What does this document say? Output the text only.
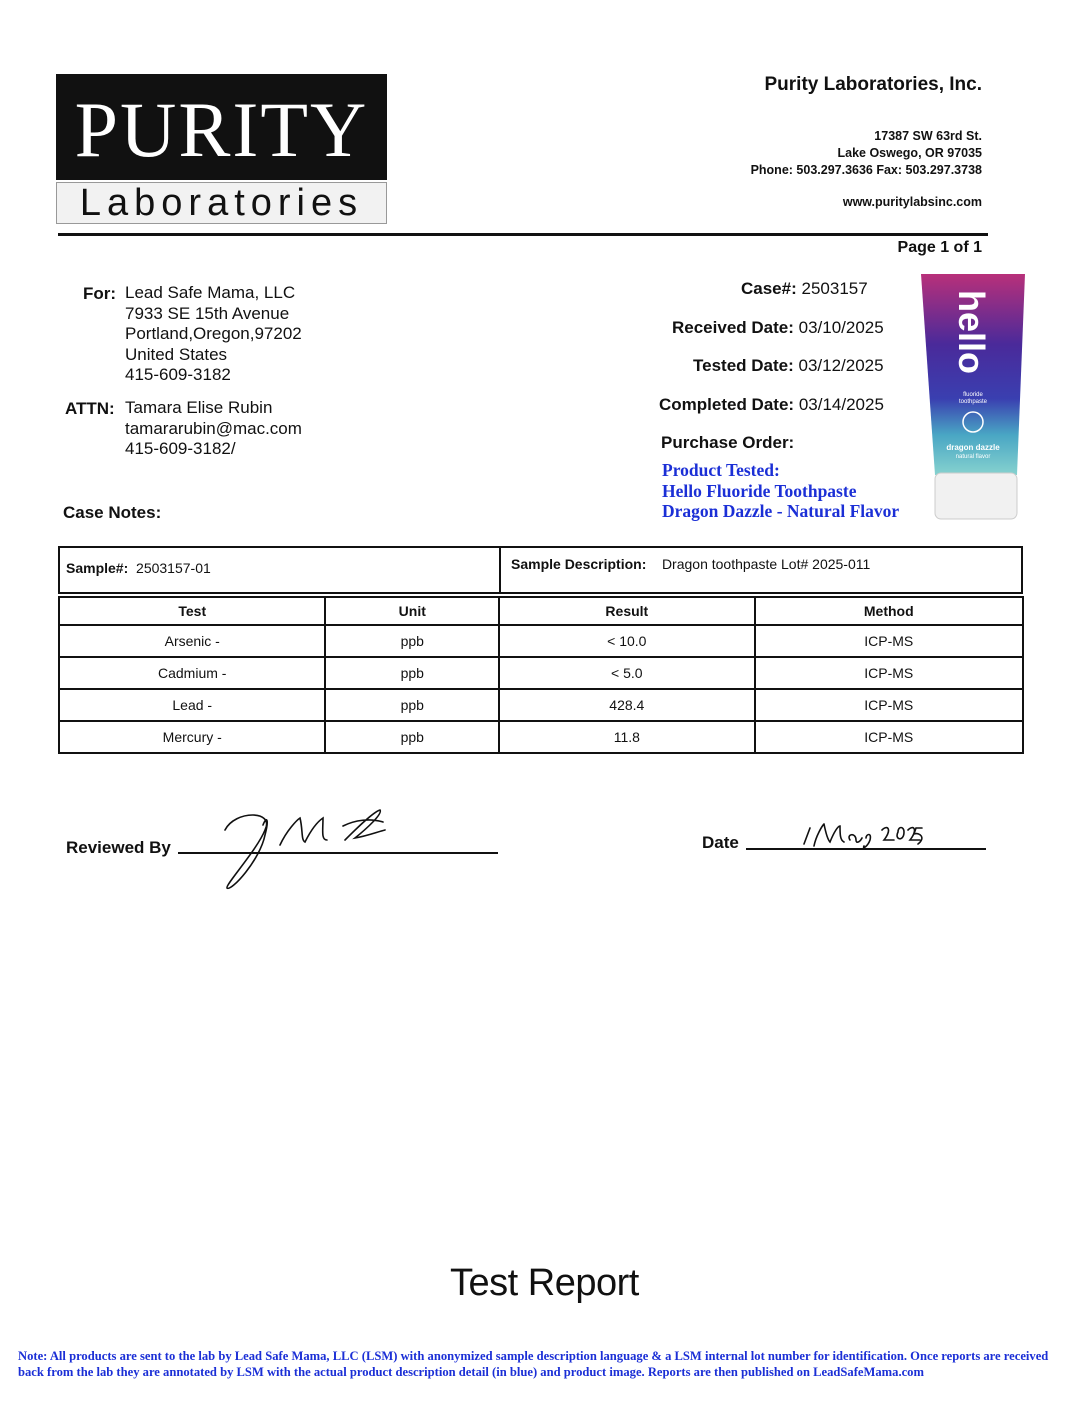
PURITY
Laboratories
Purity Laboratories, Inc.
17387 SW 63rd St.
Lake Oswego, OR 97035
Phone: 503.297.3636 Fax: 503.297.3738
www.puritylabsinc.com
Page 1 of 1
For: Lead Safe Mama, LLC
7933 SE 15th Avenue
Portland,Oregon,97202
United States
415-609-3182
ATTN: Tamara Elise Rubin
tamararubin@mac.com
415-609-3182/
Case Notes:
Case#: 2503157
Received Date: 03/10/2025
Tested Date: 03/12/2025
Completed Date: 03/14/2025
Purchase Order:
Product Tested:
Hello Fluoride Toothpaste
Dragon Dazzle - Natural Flavor
hello
fluoride
toothpaste
dragon dazzle
natural flavor
Sample#: 2503157-01	Sample Description: Dragon toothpaste Lot# 2025-011
Test	Unit	Result	Method
Arsenic -	ppb	< 10.0	ICP-MS
Cadmium -	ppb	< 5.0	ICP-MS
Lead -	ppb	428.4	ICP-MS
Mercury -	ppb	11.8	ICP-MS
Reviewed By	Date
Test Report
Note: All products are sent to the lab by Lead Safe Mama, LLC (LSM) with anonymized sample description language & a LSM internal lot number for identification. Once reports are received back from the lab they are annotated by LSM with the actual product description detail (in blue) and product image. Reports are then published on LeadSafeMama.com
